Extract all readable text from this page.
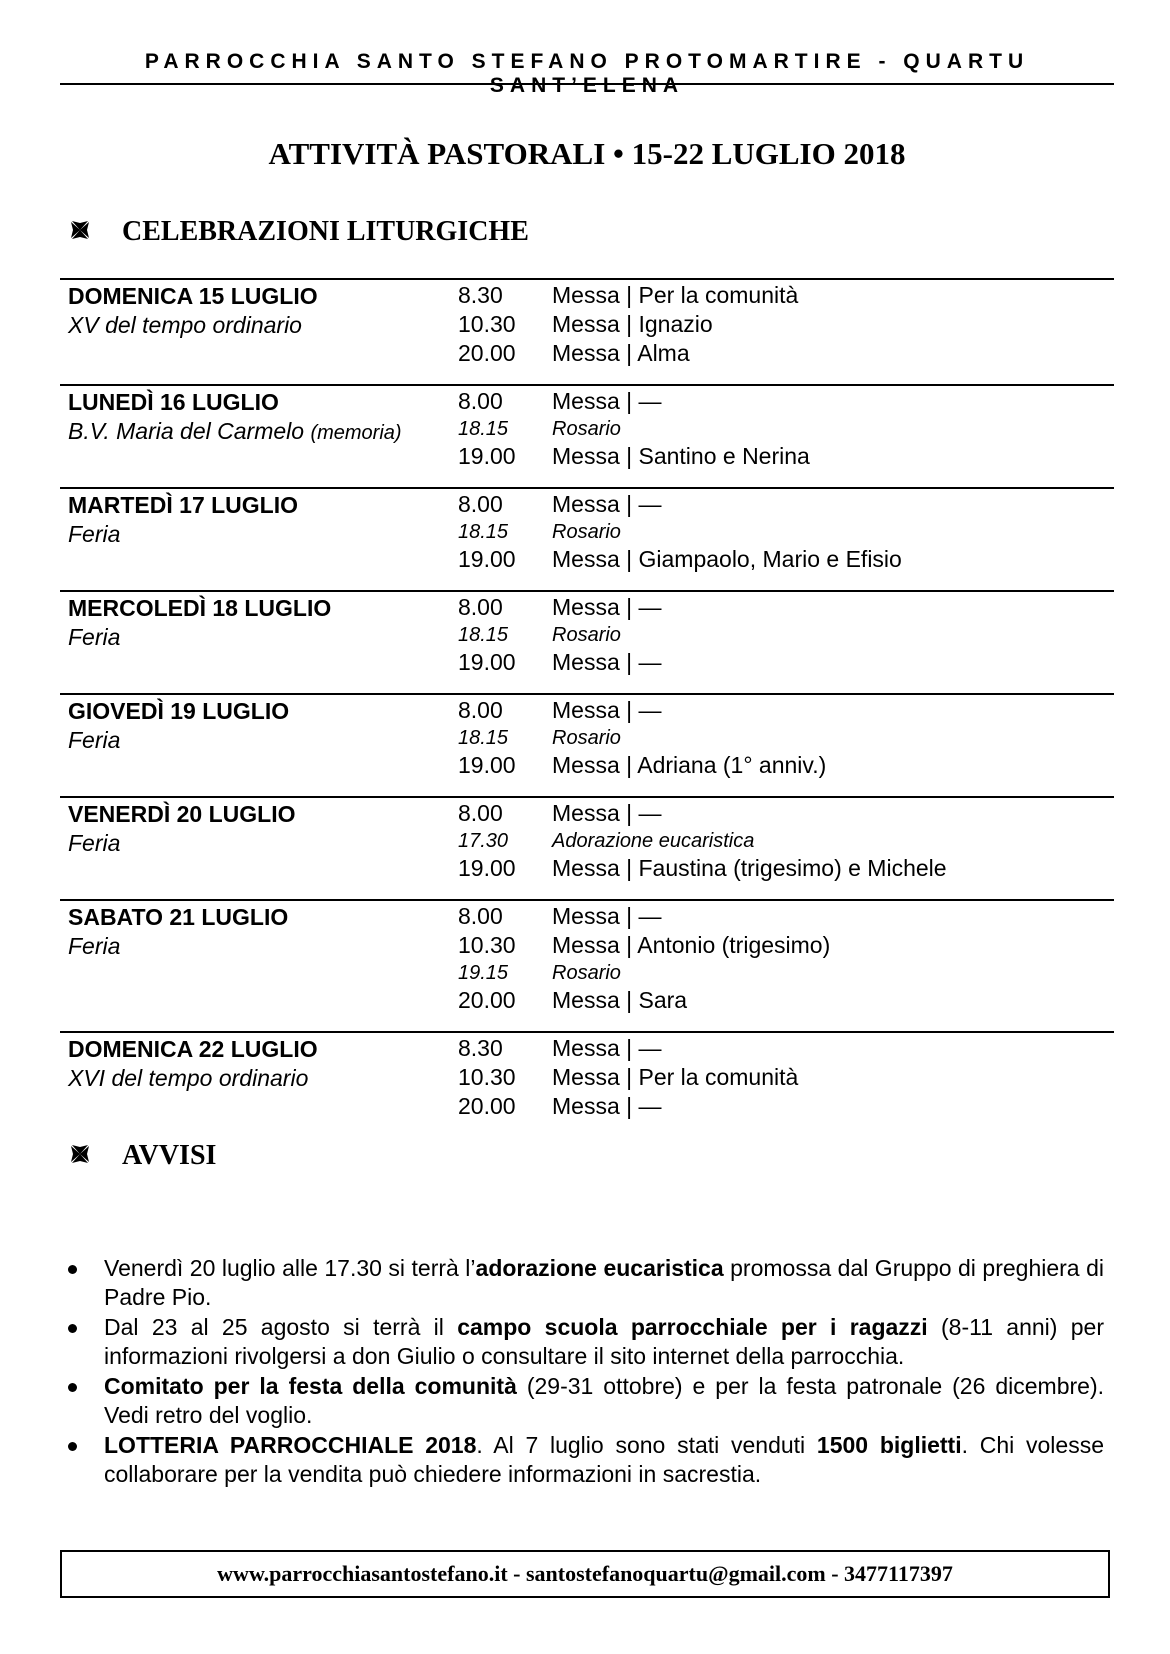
PARROCCHIA SANTO STEFANO PROTOMARTIRE - QUARTU SANT’ELENA
ATTIVITÀ PASTORALI • 15-22 LUGLIO 2018
CELEBRAZIONI LITURGICHE
DOMENICA 15 LUGLIO
XV del tempo ordinario
8.30	Messa | Per la comunità
10.30	Messa | Ignazio
20.00	Messa | Alma
LUNEDÌ 16 LUGLIO
B.V. Maria del Carmelo (memoria)
8.00	Messa | —
18.15	Rosario
19.00	Messa | Santino e Nerina
MARTEDÌ 17 LUGLIO
Feria
8.00	Messa | —
18.15	Rosario
19.00	Messa | Giampaolo, Mario e Efisio
MERCOLEDÌ 18 LUGLIO
Feria
8.00	Messa | —
18.15	Rosario
19.00	Messa | —
GIOVEDÌ 19 LUGLIO
Feria
8.00	Messa | —
18.15	Rosario
19.00	Messa | Adriana (1° anniv.)
VENERDÌ 20 LUGLIO
Feria
8.00	Messa | —
17.30	Adorazione eucaristica
19.00	Messa | Faustina (trigesimo) e Michele
SABATO 21 LUGLIO
Feria
8.00	Messa | —
10.30	Messa | Antonio (trigesimo)
19.15	Rosario
20.00	Messa | Sara
DOMENICA 22 LUGLIO
XVI del tempo ordinario
8.30	Messa | —
10.30	Messa | Per la comunità
20.00	Messa | —
AVVISI
Venerdì 20 luglio alle 17.30 si terrà l’adorazione eucaristica promossa dal Gruppo di preghiera di Padre Pio.
Dal 23 al 25 agosto si terrà il campo scuola parrocchiale per i ragazzi (8-11 anni) per informazioni rivolgersi a don Giulio o consultare il sito internet della parrocchia.
Comitato per la festa della comunità (29-31 ottobre) e per la festa patronale (26 dicembre). Vedi retro del voglio.
LOTTERIA PARROCCHIALE 2018. Al 7 luglio sono stati venduti 1500 biglietti. Chi volesse collaborare per la vendita può chiedere informazioni in sacrestia.
www.parrocchiasantostefano.it - santostefanoquartu@gmail.com - 3477117397
